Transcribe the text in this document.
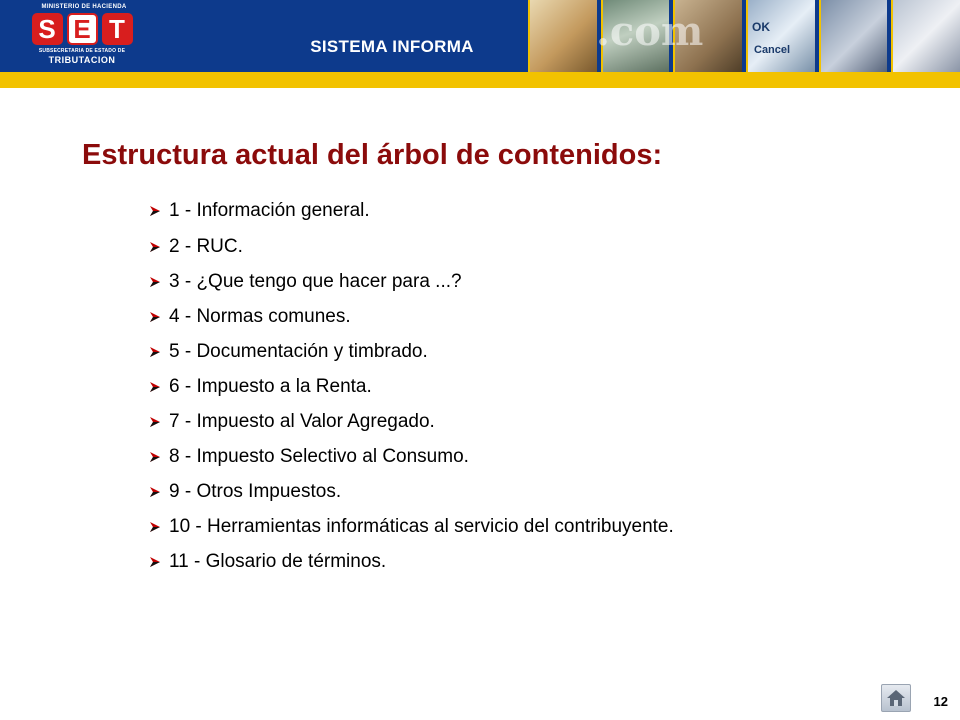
MINISTERIO DE HACIENDA
S E T
SUBSECRETARIA DE ESTADO DE
TRIBUTACION
SISTEMA INFORMA	.com	OK
Cancel
Estructura actual del árbol de contenidos:
1 - Información general.
2 - RUC.
3 - ¿Que tengo que hacer para ...?
4 - Normas comunes.
5 - Documentación y timbrado.
6 - Impuesto a la Renta.
7 - Impuesto al Valor Agregado.
8 - Impuesto Selectivo al Consumo.
9 - Otros Impuestos.
10 - Herramientas informáticas al servicio del contribuyente.
11 - Glosario de términos.
12
